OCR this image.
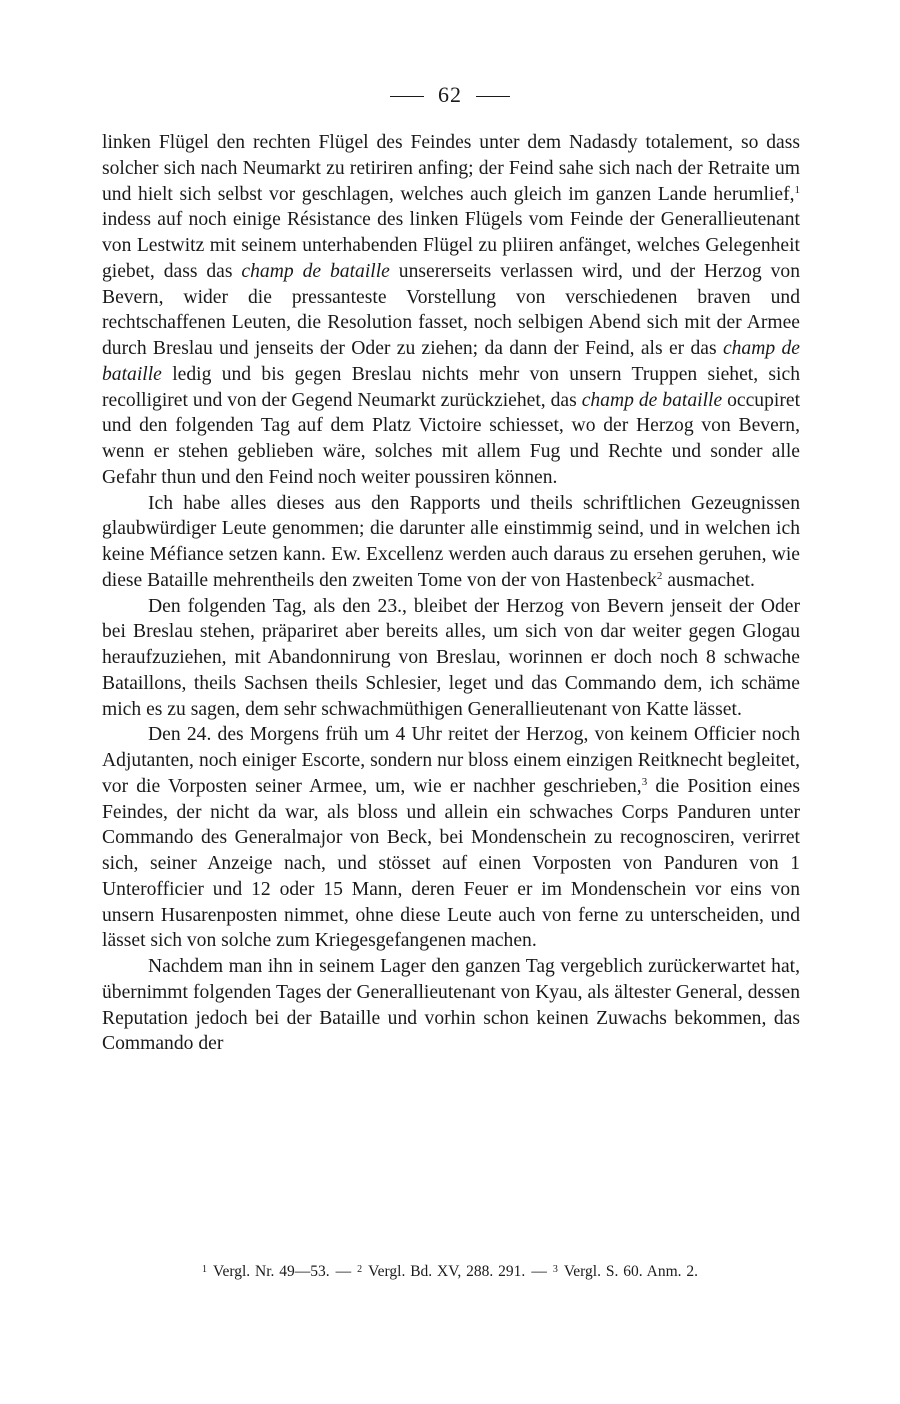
62

linken Flügel den rechten Flügel des Feindes unter dem Nadasdy totalement, so dass solcher sich nach Neumarkt zu retiriren anfing; der Feind sahe sich nach der Retraite um und hielt sich selbst vor geschlagen, welches auch gleich im ganzen Lande herumlief,$^1$ indess auf noch einige Résistance des linken Flügels vom Feinde der Generallieutenant von Lestwitz mit seinem unterhabenden Flügel zu pliiren anfänget, welches Gelegenheit giebet, dass das champ de bataille unsererseits verlassen wird, und der Herzog von Bevern, wider die pressanteste Vorstellung von verschiedenen braven und rechtschaffenen Leuten, die Resolution fasset, noch selbigen Abend sich mit der Armee durch Breslau und jenseits der Oder zu ziehen; da dann der Feind, als er das champ de bataille ledig und bis gegen Breslau nichts mehr von unsern Truppen siehet, sich recolligiret und von der Gegend Neumarkt zurückziehet, das champ de bataille occupiret und den folgenden Tag auf dem Platz Victoire schiesset, wo der Herzog von Bevern, wenn er stehen geblieben wäre, solches mit allem Fug und Rechte und sonder alle Gefahr thun und den Feind noch weiter poussiren können.

Ich habe alles dieses aus den Rapports und theils schriftlichen Gezeugnissen glaubwürdiger Leute genommen; die darunter alle einstimmig seind, und in welchen ich keine Méfiance setzen kann. Ew. Excellenz werden auch daraus zu ersehen geruhen, wie diese Bataille mehrentheils den zweiten Tome von der von Hastenbeck$^2$ ausmachet.

Den folgenden Tag, als den 23., bleibet der Herzog von Bevern jenseit der Oder bei Breslau stehen, präpariret aber bereits alles, um sich von dar weiter gegen Glogau heraufzuziehen, mit Abandonnirung von Breslau, worinnen er doch noch 8 schwache Bataillons, theils Sachsen theils Schlesier, leget und das Commando dem, ich schäme mich es zu sagen, dem sehr schwachmüthigen Generallieutenant von Katte lässet.

Den 24. des Morgens früh um 4 Uhr reitet der Herzog, von keinem Officier noch Adjutanten, noch einiger Escorte, sondern nur bloss einem einzigen Reitknecht begleitet, vor die Vorposten seiner Armee, um, wie er nachher geschrieben,$^3$ die Position eines Feindes, der nicht da war, als bloss und allein ein schwaches Corps Panduren unter Commando des Generalmajor von Beck, bei Mondenschein zu recognosciren, verirret sich, seiner Anzeige nach, und stösset auf einen Vorposten von Panduren von 1 Unterofficier und 12 oder 15 Mann, deren Feuer er im Mondenschein vor eins von unsern Husarenposten nimmet, ohne diese Leute auch von ferne zu unterscheiden, und lässet sich von solche zum Kriegesgefangenen machen.

Nachdem man ihn in seinem Lager den ganzen Tag vergeblich zurückerwartet hat, übernimmt folgenden Tages der Generallieutenant von Kyau, als ältester General, dessen Reputation jedoch bei der Bataille und vorhin schon keinen Zuwachs bekommen, das Commando der

$^1$ Vergl. Nr. 49—53. — $^2$ Vergl. Bd. XV, 288. 291. — $^3$ Vergl. S. 60. Anm. 2.
